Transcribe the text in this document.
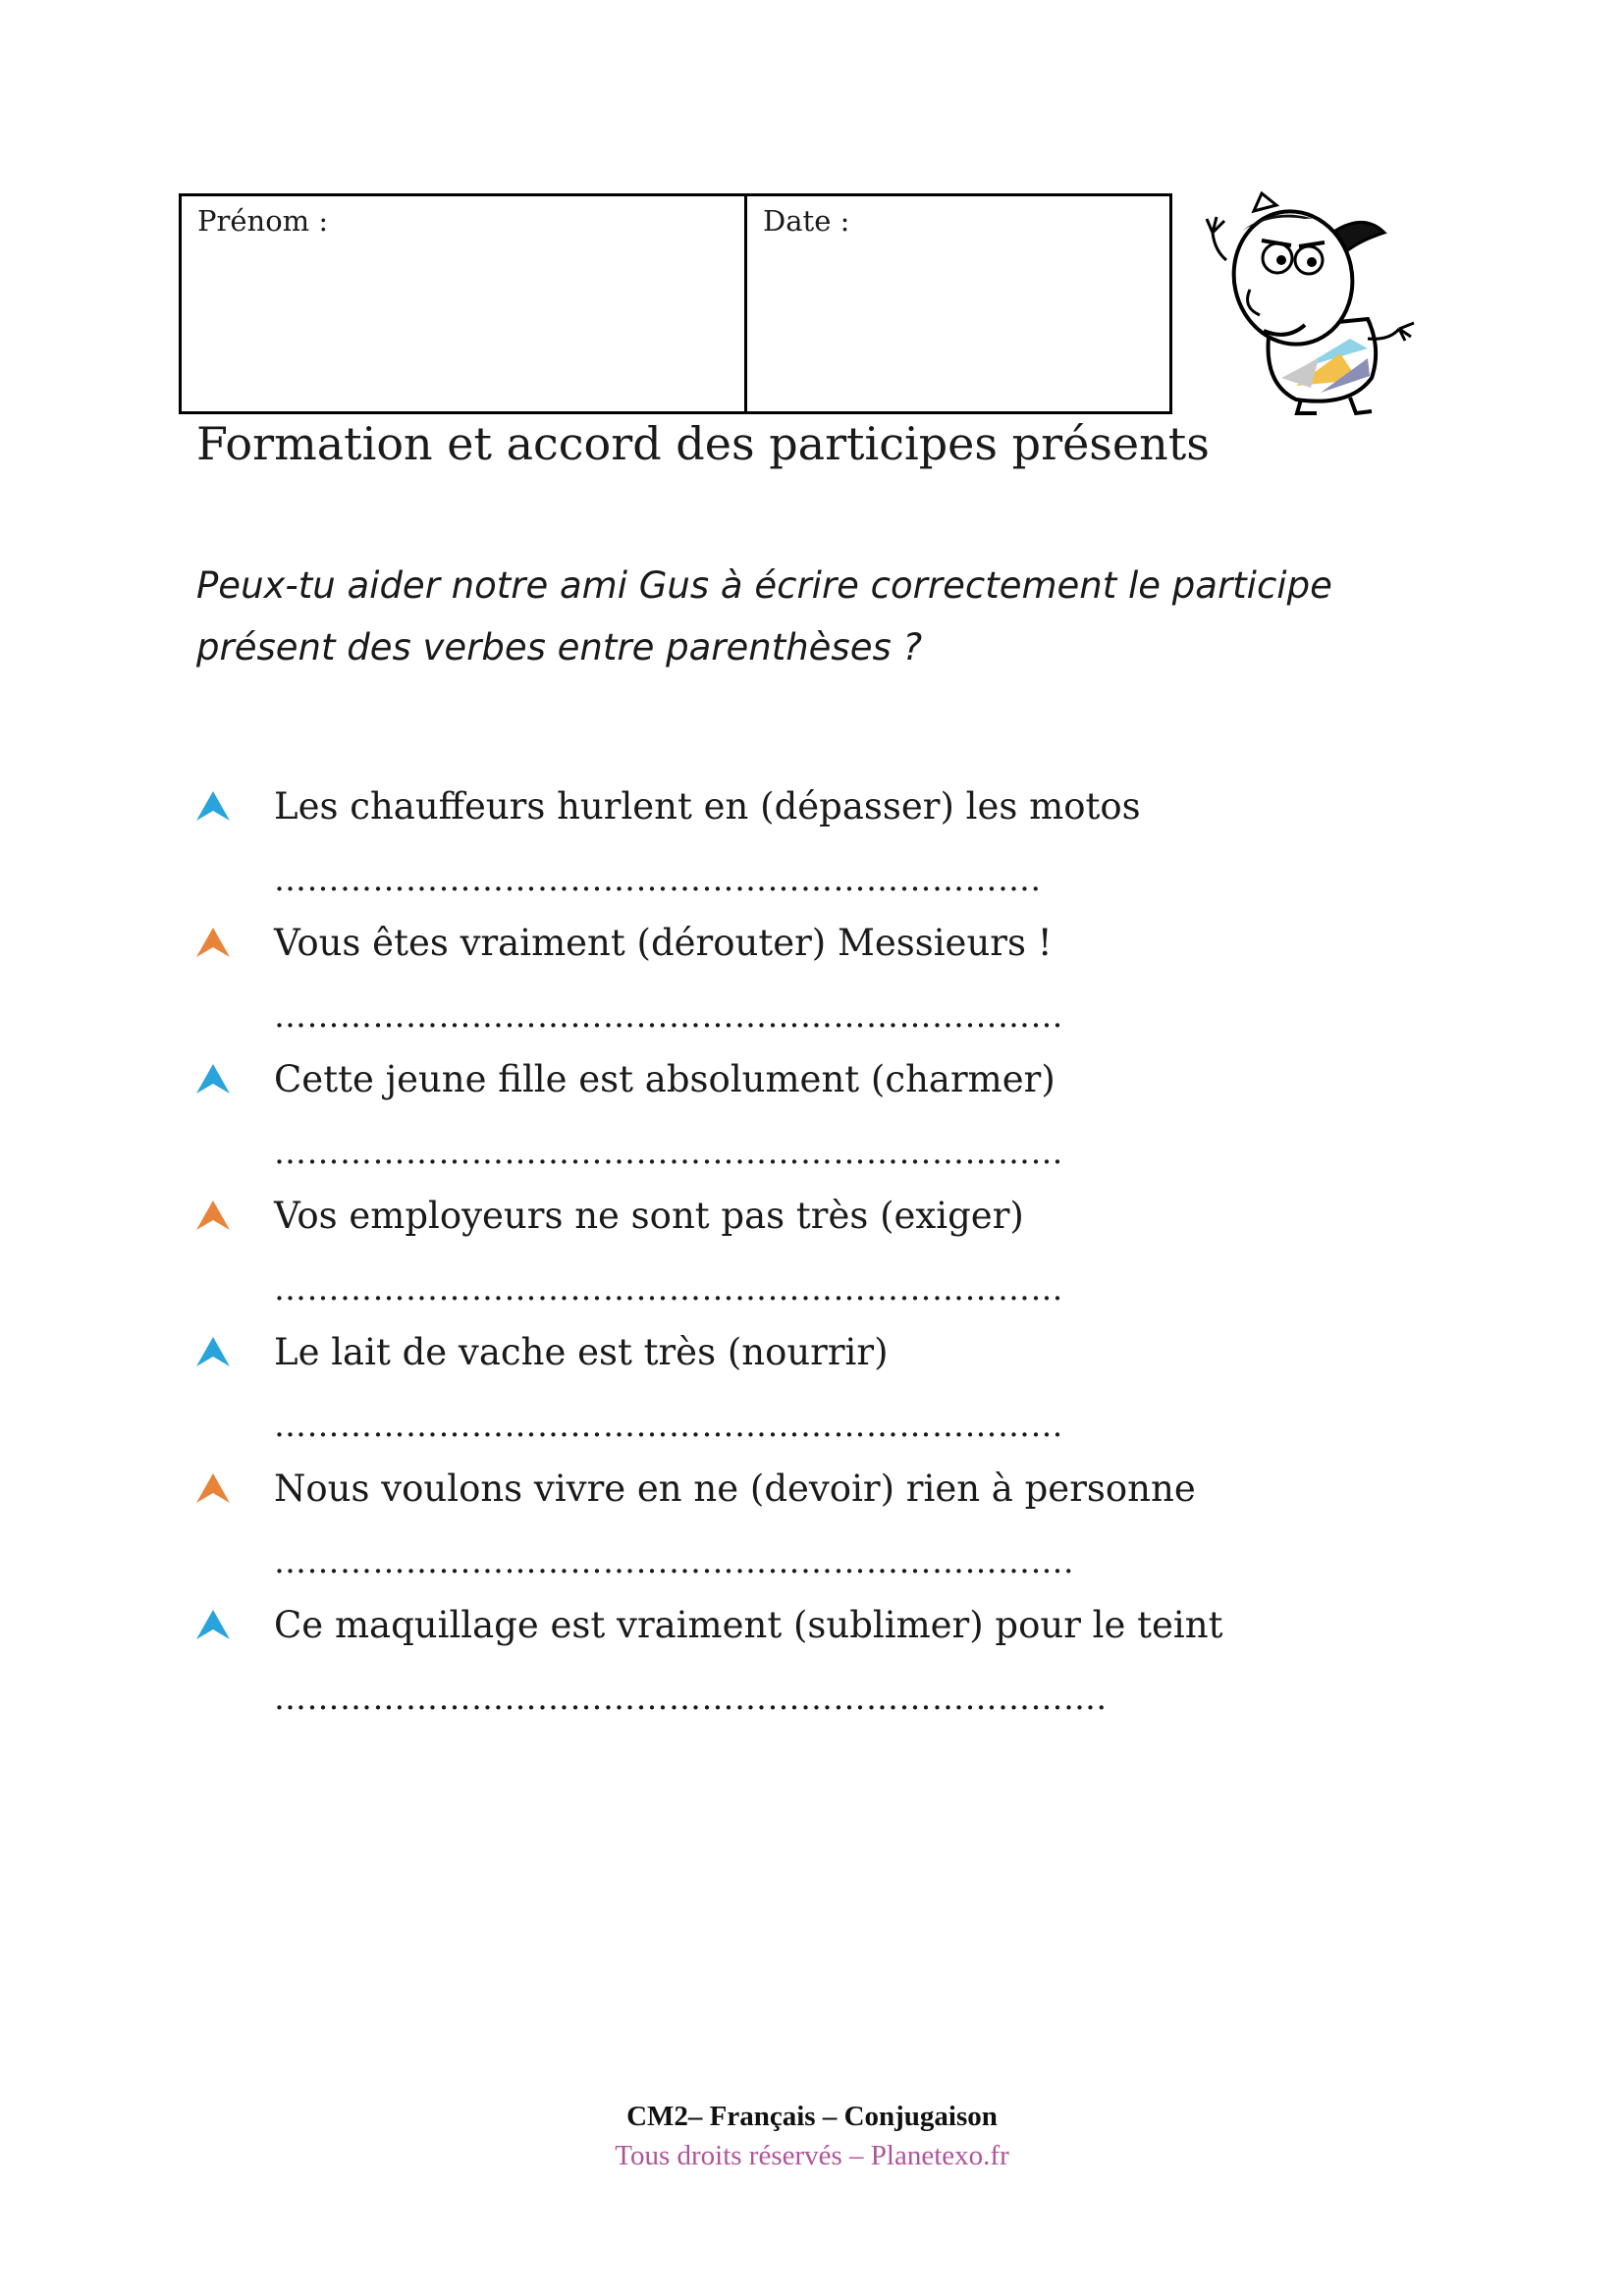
Prénom :	Date :
Formation et accord des participes présents
Peux-tu aider notre ami Gus à écrire correctement le participe présent des verbes entre parenthèses ?
Les chauffeurs hurlent en (dépasser) les motos
…………………………………………………………….
Vous êtes vraiment (dérouter) Messieurs !
………………………………………………………………
Cette jeune fille est absolument (charmer)
………………………………………………………………
Vos employeurs ne sont pas très (exiger)
………………………………………………………………
Le lait de vache est très (nourrir)
………………………………………………………………
Nous voulons vivre en ne (devoir) rien à personne
……………………………………………………………….
Ce maquillage est vraiment (sublimer) pour le teint
………………………………………………………………….
CM2– Français – Conjugaison
Tous droits réservés – Planetexo.fr
